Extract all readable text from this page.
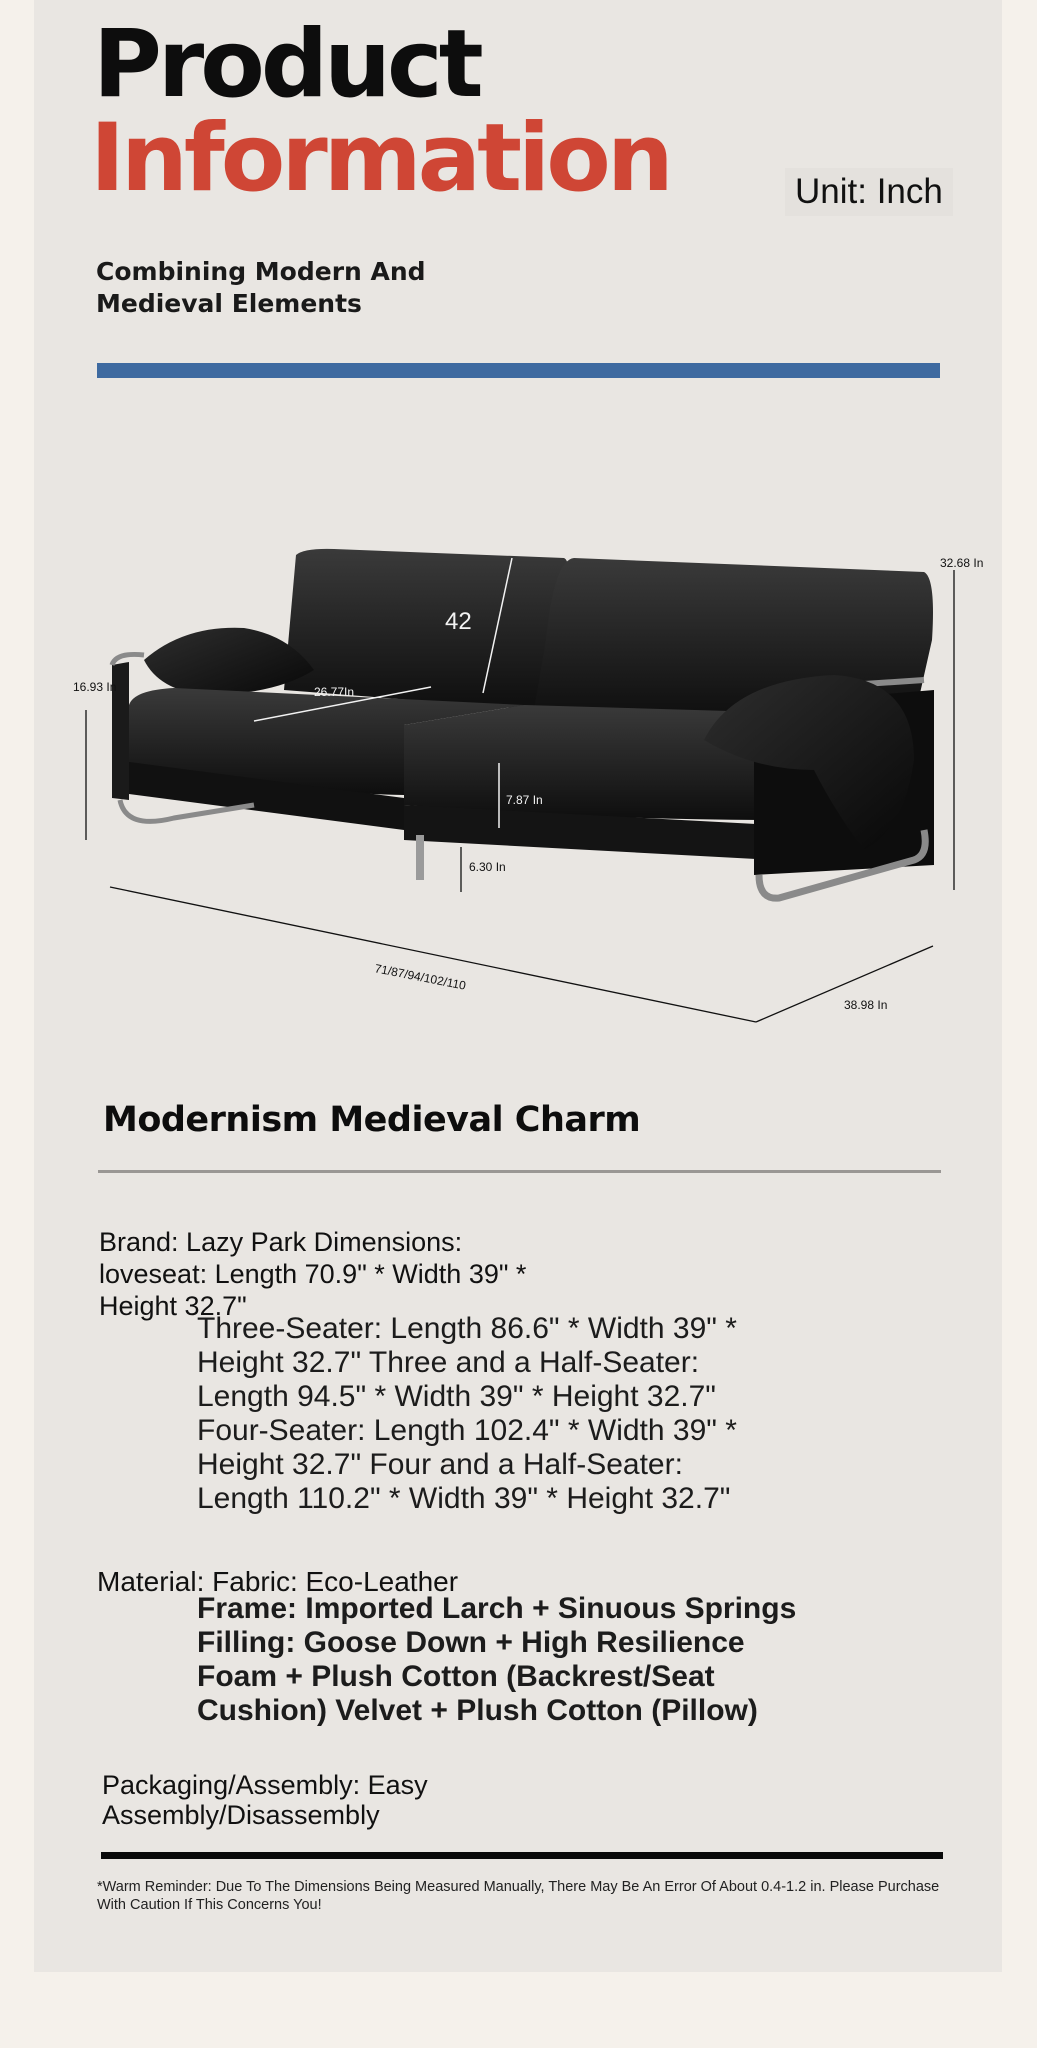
Product
Information	Unit: Inch
Combining Modern And Medieval Elements
32.68 In
16.93 In	26.77In
42
7.87 In
6.30 In
71/87/94/102/110
38.98 In
Modernism Medieval Charm
Brand: Lazy Park Dimensions: loveseat: Length 70.9" * Width 39" * Height 32.7"
Three-Seater: Length 86.6" * Width 39" * Height 32.7" Three and a Half-Seater: Length 94.5" * Width 39" * Height 32.7" Four-Seater: Length 102.4" * Width 39" * Height 32.7" Four and a Half-Seater: Length 110.2" * Width 39" * Height 32.7"
Material: Fabric: Eco-Leather
Frame: Imported Larch + Sinuous Springs Filling: Goose Down + High Resilience Foam + Plush Cotton (Backrest/Seat Cushion) Velvet + Plush Cotton (Pillow)
Packaging/Assembly: Easy Assembly/Disassembly
*Warm Reminder: Due To The Dimensions Being Measured Manually, There May Be An Error Of About 0.4-1.2 in. Please Purchase With Caution If This Concerns You!
